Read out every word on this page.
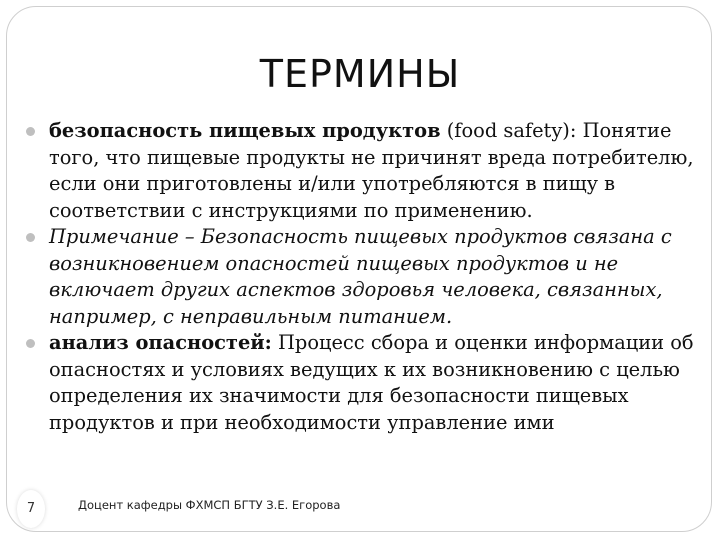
ТЕРМИНЫ
безопасность пищевых продуктов (food safety): Понятие того, что пищевые продукты не причинят вреда потребителю, если они приготовлены и/или употребляются в пищу в соответствии с инструкциями по применению.
Примечание – Безопасность пищевых продуктов связана с возникновением опасностей пищевых продуктов и не включает других аспектов здоровья человека, связанных, например, с неправильным питанием.
анализ опасностей: Процесс сбора и оценки информации об опасностях и условиях ведущих к их возникновению с целью определения их значимости для безопасности пищевых продуктов и при необходимости управление ими
7	Доцент кафедры ФХМСП БГТУ З.Е. Егорова
